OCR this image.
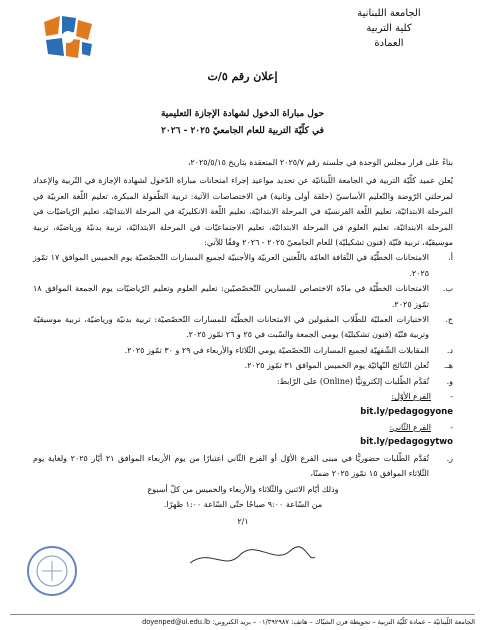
الجامعة اللبنانية
كلية التربية
العمادة
إعلان رقم ٥/ت
حول مباراة الدخول لشهادة الإجازة التعليمية
في كلّيّة التربية للعام الجامعيّ ٢٠٢٥ - ٢٠٢٦

بناءً على قرار مجلس الوحدة في جلسته رقم ٢٠٢٥/٧ المنعقدة بتاريخ ٢٠٢٥/٥/١٥،

يُعلن عميد كلّيّة التربية في الجامعة اللّبنانيّة عن تحديد مواعيد إجراء امتحانات مباراة الدّخول لشهادة الإجازة في التّربية والإعداد لمرحلتي الرّوضة والتّعليم الأساسيّ (حلقة أولى وثانية) في الاختصاصات الآتية: تربية الطّفولة المبكرة، تعليم اللّغة العربيّة في المرحلة الابتدائيّة، تعليم اللّغة الفرنسيّة في المرحلة الابتدائيّة، تعليم اللّغة الانكليزيّة في المرحلة الابتدائيّة، تعليم الرّياضيّات في المرحلة الابتدائيّة، تعليم العلوم في المرحلة الابتدائيّة، تعليم الاجتماعيّات في المرحلة الابتدائيّة، تربية بدنيّة ورياضيّة، تربية موسيقيّة، تربية فنّيّة (فنون تشكيليّة) للعام الجامعيّ ٢٠٢٥ - ٢٠٢٦ وفقًا للآتي:

أ.
الامتحانات الخطّيّة في الثّقافة العامّة باللّغتين العربيّة والأجنبيّة لجميع المسارات التّخصّصيّة يوم الخميس الموافق ١٧ تمّوز ٢٠٢٥.
ب.
الامتحانات الخطّيّة في مادّة الاختصاص للمسارين التّخصّصيّين: تعليم العلوم وتعليم الرّياضيّات يوم الجمعة الموافق ١٨ تمّوز ٢٠٢٥.
ج.
الاختبارات العمليّة للطّلاب المقبولين في الامتحانات الخطّيّة للمسارات التّخصّصيّة: تربية بدنيّة ورياضيّة، تربية موسيقيّة وتربية فنّيّة (فنون تشكيليّة) يومي الجمعة والسّبت في ٢٥ و ٢٦ تمّوز ٢٠٢٥.
د.
المقابلات الشّفهيّة لجميع المسارات التّخصّصيّة يومي الثّلاثاء والأربعاء في ٢٩ و ٣٠ تمّوز ٢٠٢٥.
هـ.
تُعلن النّتائج النّهائيّة يوم الخميس الموافق ٣١ تمّوز ٢٠٢٥.
و.
تُقدَّم الطّلبات إلكترونيًّا (Online) على الرّابط:
-
الفرع الأوّل:
bit.ly/pedagogyone
-
الفرع الثّاني:
bit.ly/pedagogytwo
ز.
تُقدَّم الطّلبات حضوريًّا في مبنى الفرع الأوّل أو الفرع الثّاني اعتبارًا من يوم الأربعاء الموافق ٢١ أيّار ٢٠٢٥ ولغاية يوم الثّلاثاء الموافق ١٥ تمّوز ٢٠٢٥ ضمنًا،
وذلك أيّام الاثنين والثّلاثاء والأربعاء والخميس من كلّ أسبوع
من السّاعة ٩:٠٠ صباحًا حتّى السّاعة ١:٠٠ ظهرًا.
٢/١
الجامعة اللّبنانيّة – عمادة كلّيّة التربية – تحويطة فرن الشبّاك – هاتف: ٠١/٣٩٢٩٨٧ – بريد الكتروني: doyenped@ul.edu.lb
